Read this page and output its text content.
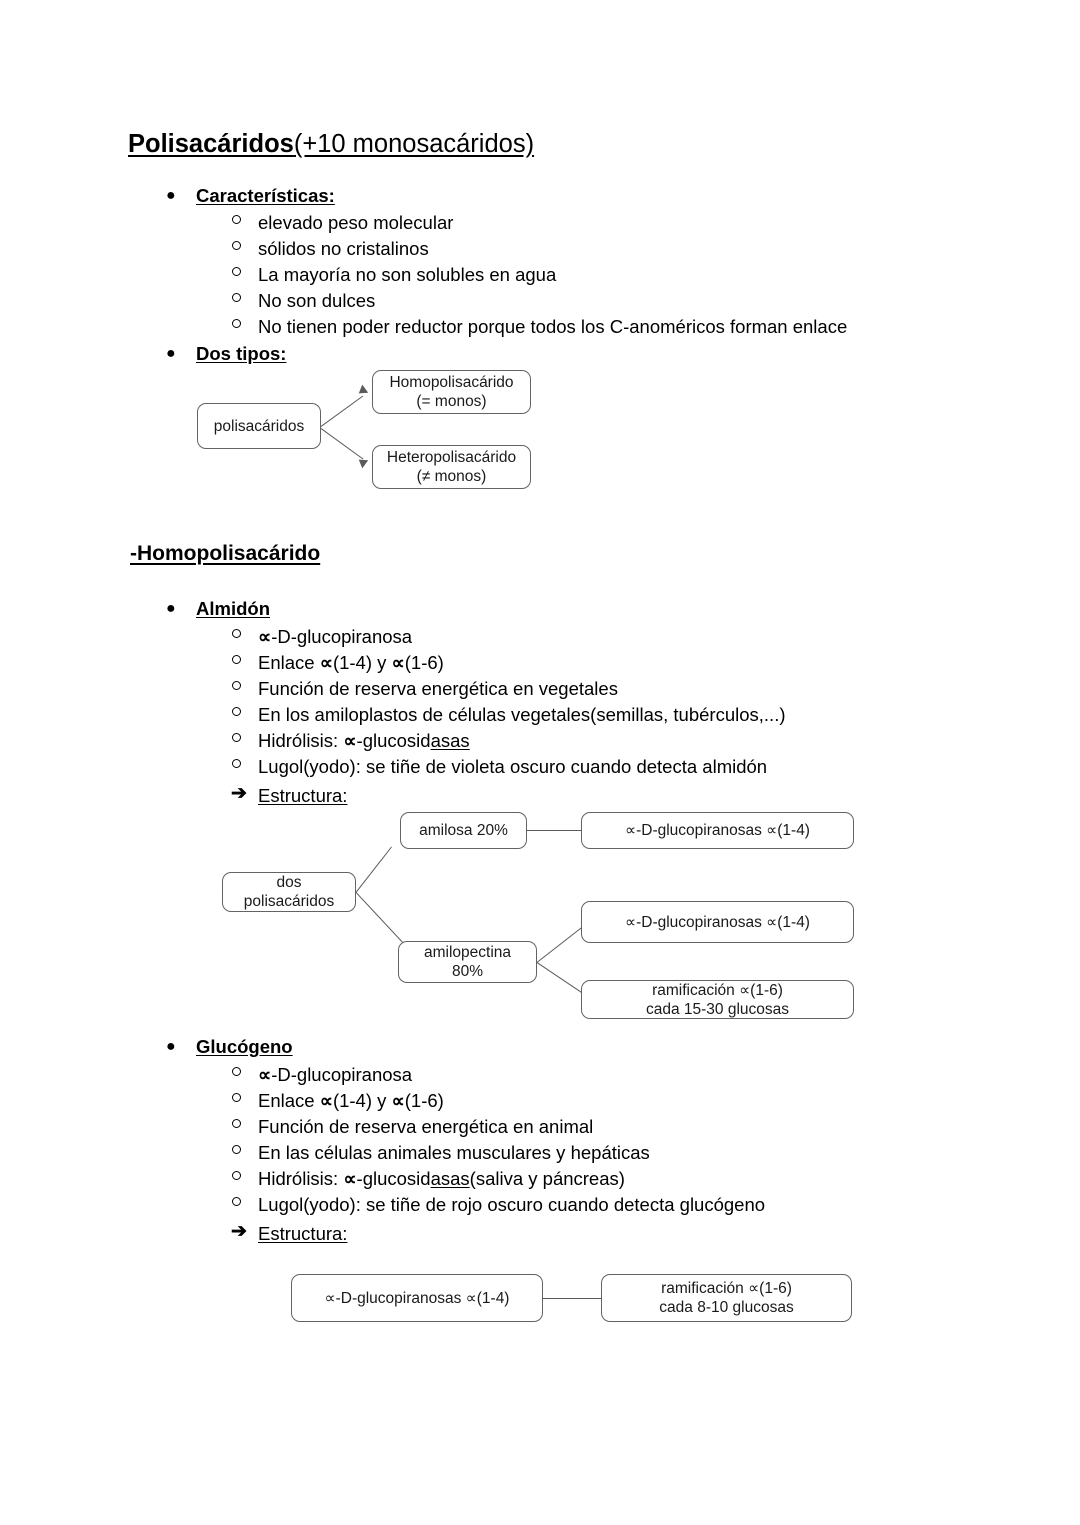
Polisacáridos(+10 monosacáridos)
●	Características:
elevado peso molecular
sólidos no cristalinos
La mayoría no son soluble​s en agua
No son dulces
No tienen poder reductor porque todos los C-anoméricos forman enlace
●	Dos tipos:
polisacáridos
Homopolisacárido
(= monos)
Heteropolisacárido
(≠ monos)
-Homopolisacárido
●	Almidón
∝-D-glucopiranosa
Enlace ∝(1-4) y ∝(1-6)
Función de reserva energética en vegetales
En los amiloplastos de células vegetales(semillas, tubérculos,...)
Hidrólisis: ∝-glucosidasas
Lugol(yodo): se tiñe de violeta oscuro cuando detecta almidón
➔ Estructura:
dos
polisacáridos
amilosa 20%	∝-D-glucopiranosas ∝(1-4)
amilopectina
80%
∝-D-glucopiranosas ∝(1-4)
ramificación ∝(1-6)
cada 15-30 glucosas
●	Glucógeno
∝-D-glucopiranosa
Enlace ∝(1-4) y ∝(1-6)
Función de reserva energética en animal
En las células animales musculares y hepáticas
Hidrólisis: ∝-glucosidasas(saliva y páncreas)
Lugol(yodo): se tiñe de rojo oscuro cuando detecta glucógeno
➔ Estructura:
∝-D-glucopiranosas ∝(1-4)
ramificación ∝(1-6)
cada 8-10 glucosas
